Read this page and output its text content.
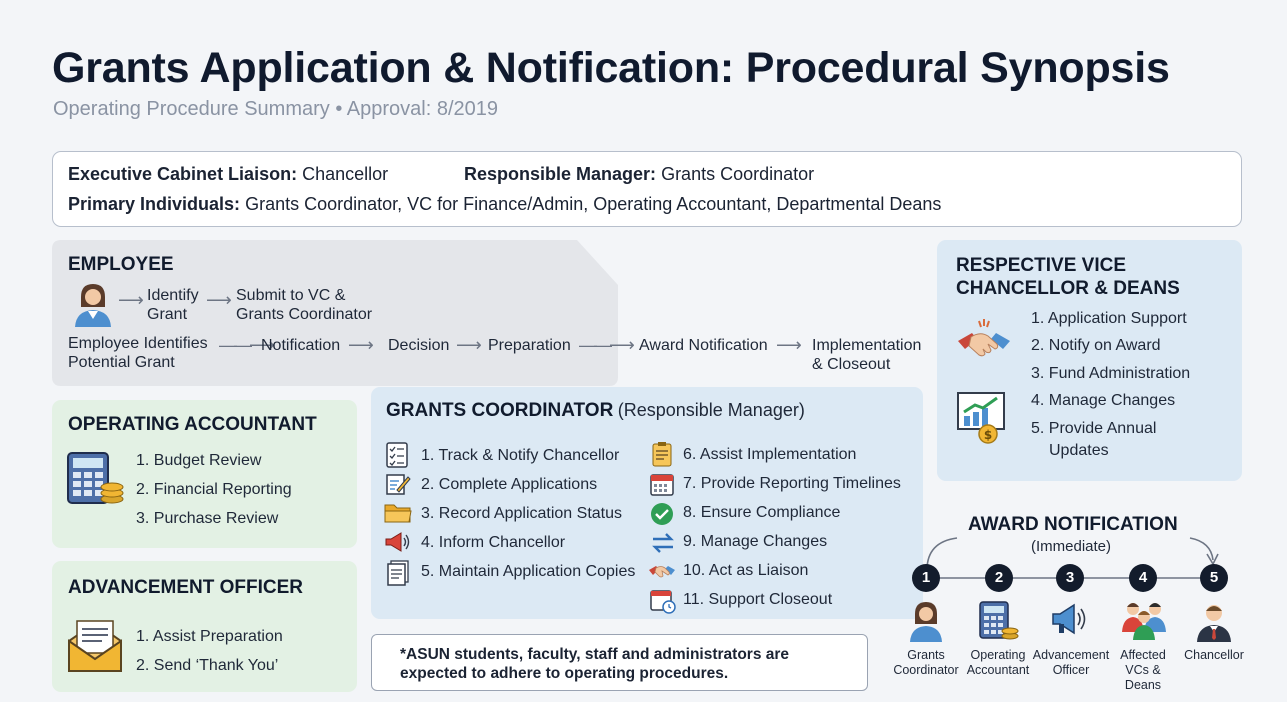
Grants Application & Notification: Procedural Synopsis
Operating Procedure Summary • Approval: 8/2019
Executive Cabinet Liaison: Chancellor	Responsible Manager: Grants Coordinator
Primary Individuals: Grants Coordinator, VC for Finance/Admin, Operating Accountant, Departmental Deans
EMPLOYEE
⟶ Identify
Grant
⟶ Submit to VC &
Grants Coordinator
Employee Identifies
Potential Grant
——⟶
Notification ⟶ Decision ⟶ Preparation ——⟶ Award Notification ⟶ Implementation
& Closeout
RESPECTIVE VICE
CHANCELLOR & DEANS
$
1. Application Support
2. Notify on Award
3. Fund Administration
4. Manage Changes
5. Provide Annual
Updates
OPERATING ACCOUNTANT
1. Budget Review
2. Financial Reporting
3. Purchase Review
ADVANCEMENT OFFICER
1. Assist Preparation
2. Send ‘Thank You’
GRANTS COORDINATOR (Responsible Manager)
1. Track & Notify Chancellor
2. Complete Applications
3. Record Application Status
4. Inform Chancellor
5. Maintain Application Copies
6. Assist Implementation
7. Provide Reporting Timelines
8. Ensure Compliance
9. Manage Changes
10. Act as Liaison
11. Support Closeout
*ASUN students, faculty, staff and administrators are
expected to adhere to operating procedures.
AWARD NOTIFICATION
(Immediate)
1	2	3	4	5
Grants
Coordinator
Operating
Accountant
Advancement
Officer
Affected
VCs &
Deans
Chancellor
